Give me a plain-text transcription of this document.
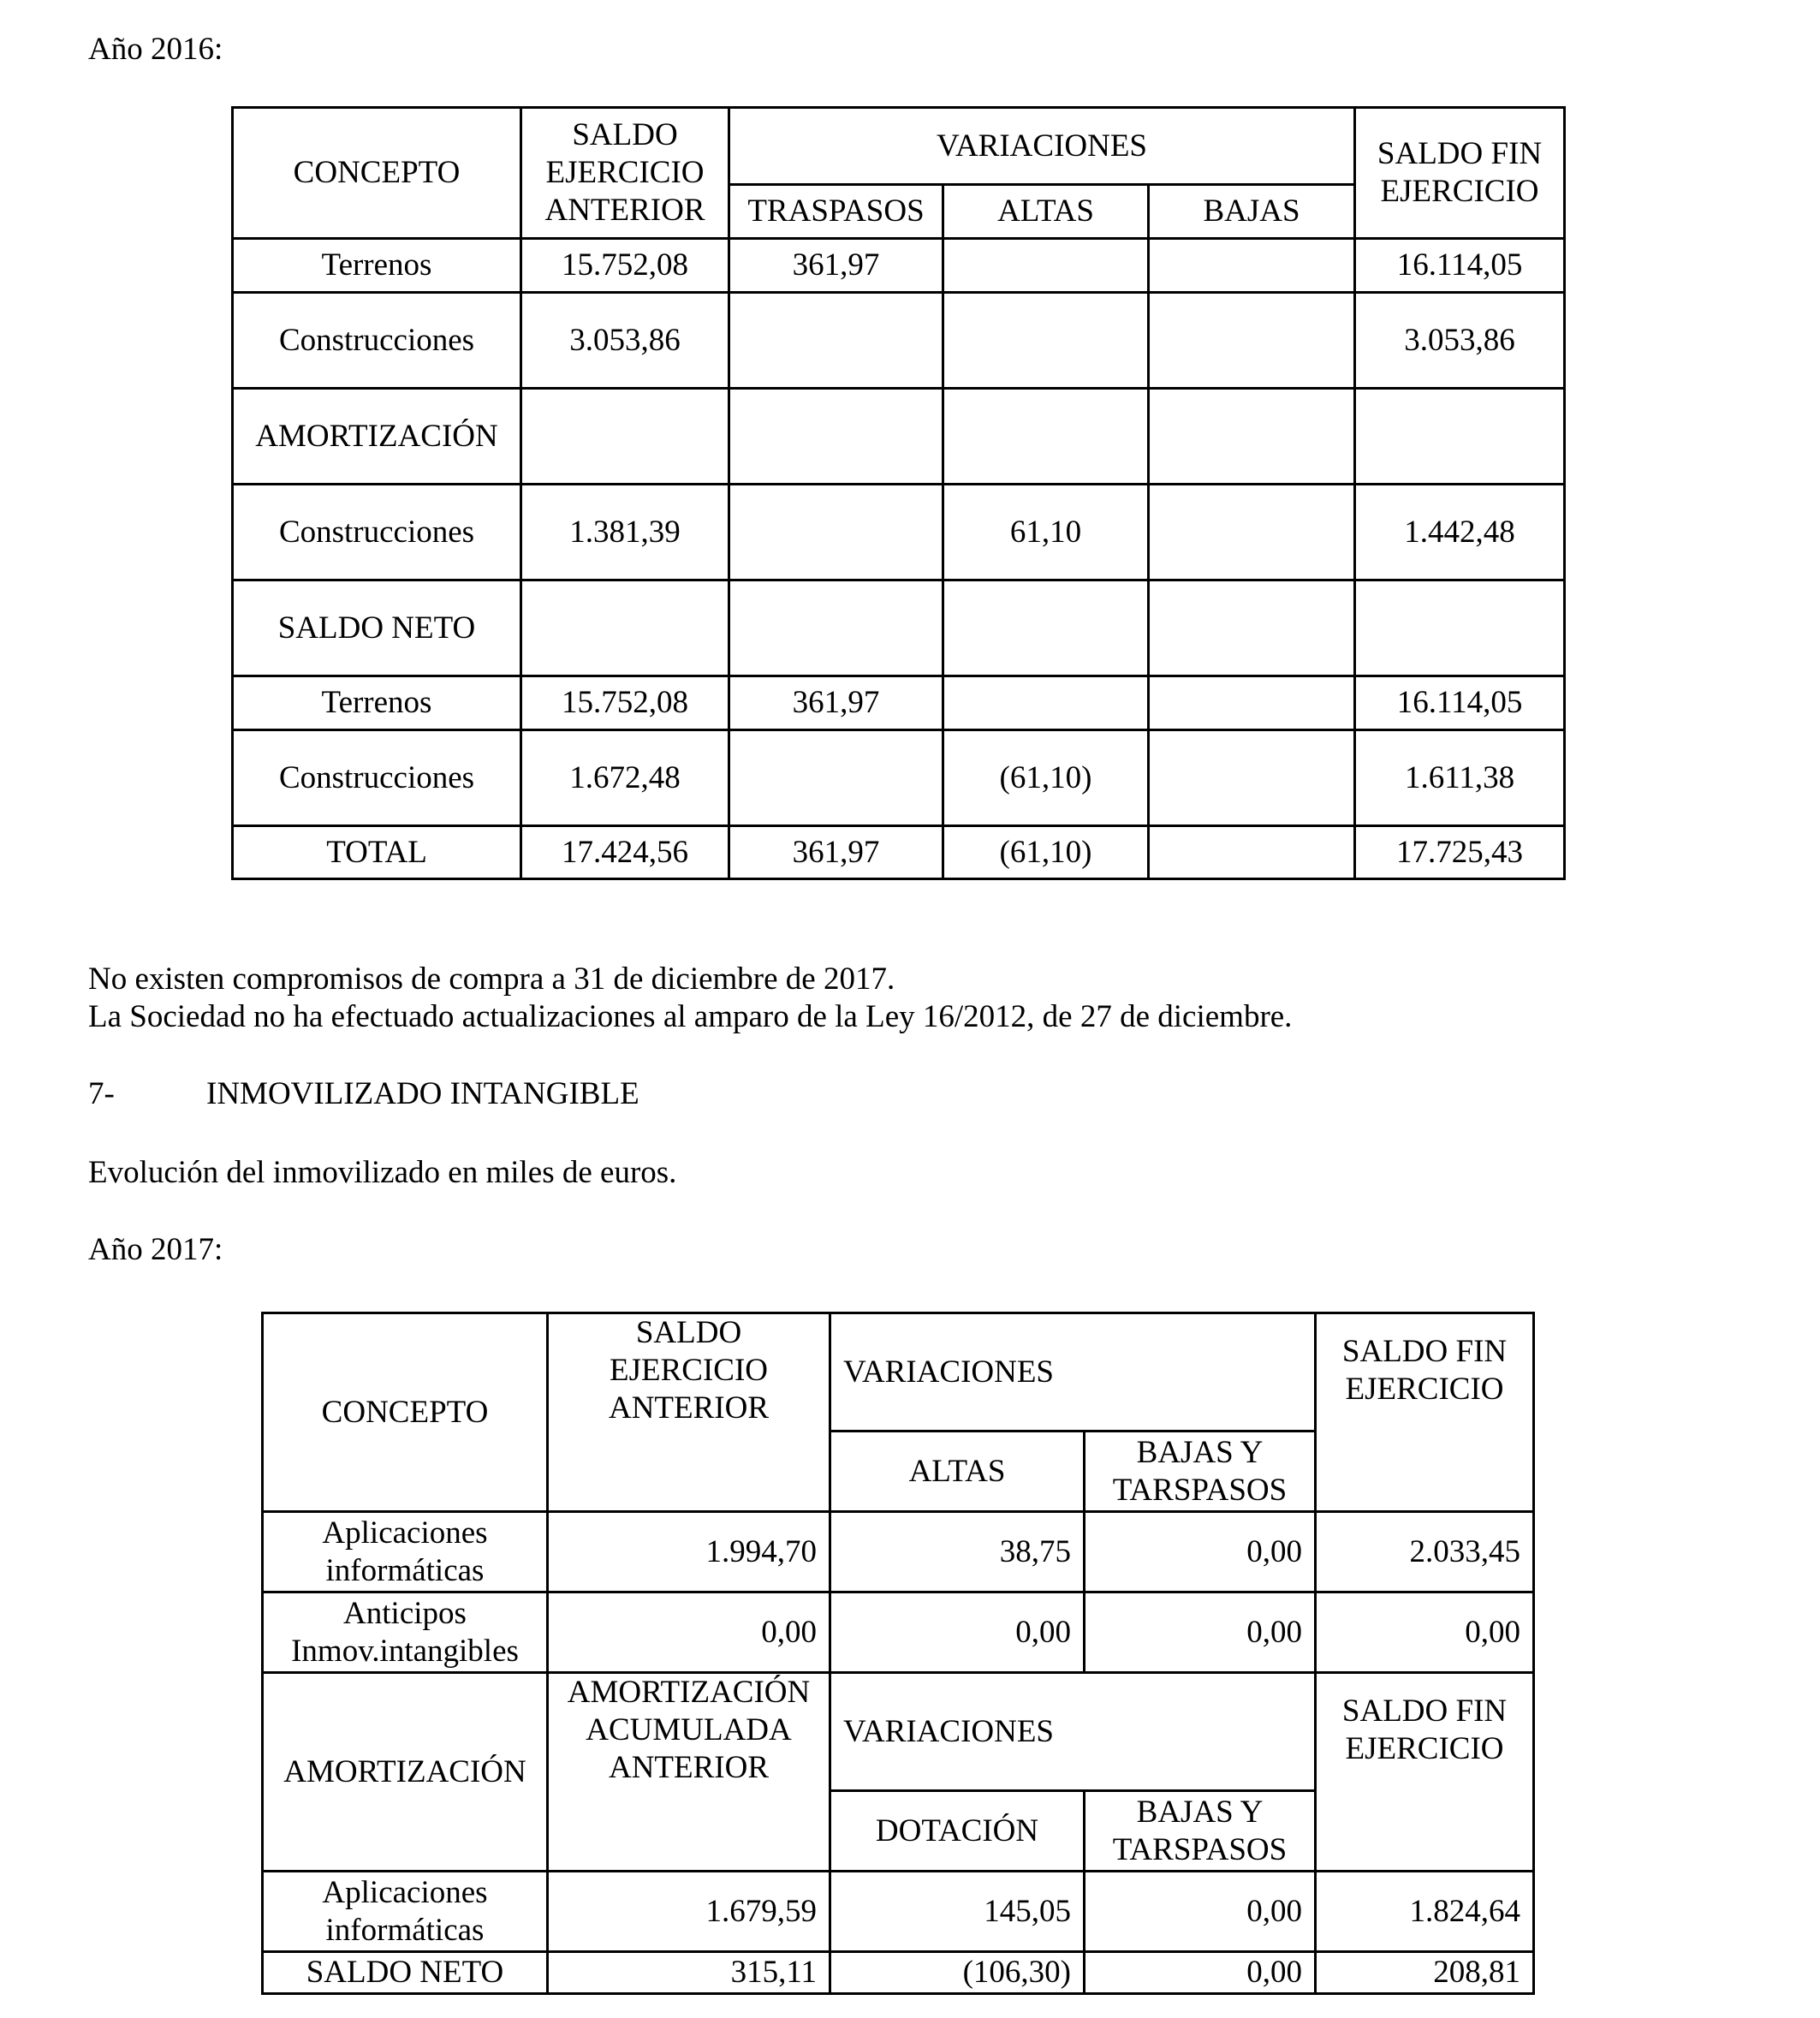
Año 2016:
CONCEPTO	SALDO EJERCICIO ANTERIOR	VARIACIONES			SALDO FIN EJERCICIO
		TRASPASOS	ALTAS	BAJAS	
Terrenos	15.752,08	361,97			16.114,05
Construcciones	3.053,86				3.053,86
AMORTIZACIÓN					
Construcciones	1.381,39		61,10		1.442,48
SALDO NETO					
Terrenos	15.752,08	361,97			16.114,05
Construcciones	1.672,48		(61,10)		1.611,38
TOTAL	17.424,56	361,97	(61,10)		17.725,43
No existen compromisos de compra a 31 de diciembre de 2017.
La Sociedad no ha efectuado actualizaciones al amparo de la Ley 16/2012, de 27 de diciembre.
7-	INMOVILIZADO INTANGIBLE
Evolución del inmovilizado en miles de euros.
Año 2017:
CONCEPTO	SALDO EJERCICIO ANTERIOR	VARIACIONES		SALDO FIN EJERCICIO
		ALTAS	BAJAS Y TARSPASOS	
Aplicaciones informáticas	1.994,70	38,75	0,00	2.033,45
Anticipos Inmov.intangibles	0,00	0,00	0,00	0,00
AMORTIZACIÓN	AMORTIZACIÓN ACUMULADA ANTERIOR	VARIACIONES		SALDO FIN EJERCICIO
		DOTACIÓN	BAJAS Y TARSPASOS	
Aplicaciones informáticas	1.679,59	145,05	0,00	1.824,64
SALDO NETO	315,11	(106,30)	0,00	208,81
